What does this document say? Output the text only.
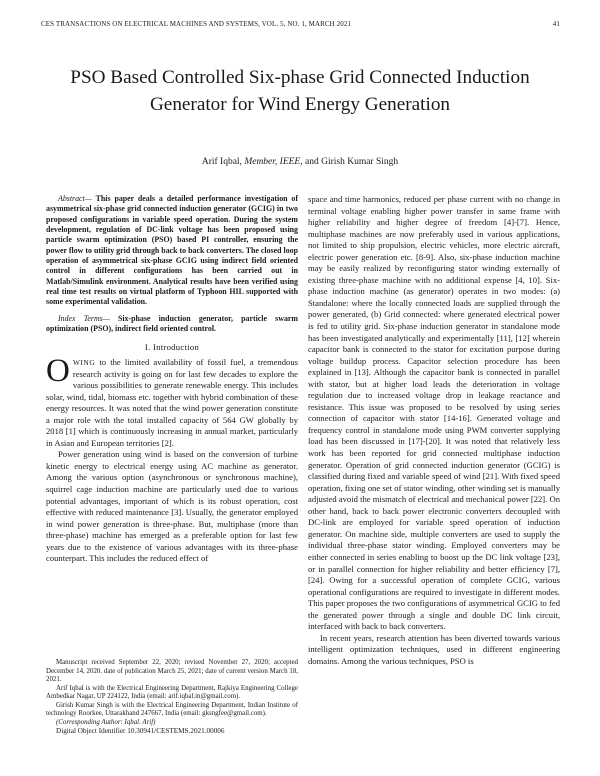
CES TRANSACTIONS ON ELECTRICAL MACHINES AND SYSTEMS, VOL. 5, NO. 1, MARCH 2021	41
PSO Based Controlled Six-phase Grid Connected Induction Generator for Wind Energy Generation
Arif Iqbal, Member, IEEE, and Girish Kumar Singh

Abstract— This paper deals a detailed performance investigation of asymmetrical six-phase grid connected induction generator (GCIG) in two proposed configurations in variable speed operation. During the system development, regulation of DC-link voltage has been proposed using particle swarm optimization (PSO) based PI controller, ensuring the power flow to utility grid through back to back converters. The closed loop operation of asymmetrical six-phase GCIG using indirect field oriented control in different configurations has been carried out in Matlab/Simulink environment. Analytical results have been verified using real time test results on virtual platform of Typhoon HIL supported with some experimental validation.

Index Terms— Six-phase induction generator, particle swarm optimization (PSO), indirect field oriented control.

I. Introduction

OWING to the limited availability of fossil fuel, a tremendous research activity is going on for last few decades to explore the various possibilities to generate renewable energy. This includes solar, wind, tidal, biomass etc. together with hybrid combination of these energy resources. It was noted that the wind power generation constitute a major role with the total installed capacity of 564 GW globally by 2018 [1] which is continuously increasing in annual market, particularly in Asian and European territories [2].

Power generation using wind is based on the conversion of turbine kinetic energy to electrical energy using AC machine as generator. Among the various option (asynchronous or synchronous machine), squirrel cage induction machine are particularly used due to various potential advantages, important of which is its robust operation, cost effective with reduced maintenance [3]. Usually, the generator employed in wind power generation is three-phase. But, multiphase (more than three-phase) machine has emerged as a preferable option for last few years due to the existence of various advantages with its three-phase counterpart. This includes the reduced effect of

space and time harmonics, reduced per phase current with no change in terminal voltage enabling higher power transfer in same frame with higher reliability and higher degree of freedom [4]-[7]. Hence, multiphase machines are now preferably used in various applications, not limited to ship propulsion, electric vehicles, more electric aircraft, electric power generation etc. [8-9]. Also, six-phase induction machine may be easily realized by reconfiguring stator winding externally of existing three-phase machine with no additional expense [4, 10]. Six-phase induction machine (as generator) operates in two modes: (a) Standalone: where the locally connected loads are supplied through the power generated, (b) Grid connected: where generated electrical power is fed to utility grid. Six-phase induction generator in standalone mode has been investigated analytically and experimentally [11], [12] wherein capacitor bank is connected to the stator for excitation purpose during voltage buildup process. Capacitor selection procedure has been explained in [13]. Although the capacitor bank is connected in parallel with stator, but at higher load leads the deterioration in voltage regulation due to increased voltage drop in leakage reactance and resistance. This issue was proposed to be resolved by using series connection of capacitor with stator [14-16]. Generated voltage and frequency control in standalone mode using PWM converter supplying load has been discussed in [17]-[20]. It was noted that relatively less work has been reported for grid connected multiphase induction generator. Operation of grid connected induction generator (GCIG) is classified during fixed and variable speed of wind [21]. With fixed speed operation, fixing one set of stator winding, other winding set is manually adjusted avoid the mismatch of electrical and mechanical power [22]. On other hand, back to back power electronic converters decoupled with DC-link are employed for variable speed operation of induction generator. On machine side, multiple converters are used to supply the individual three-phase stator winding. Employed converters may be either connected in series enabling to boost up the DC link voltage [23], or in parallel connection for higher reliability and better efficiency [7], [24]. Owing for a successful operation of complete GCIG, various operational configurations are required to investigate in different modes. This paper proposes the two configurations of asymmetrical GCIG to fed the generated power through a single and double DC link circuit, interfaced with back to back converters.

In recent years, research attention has been diverted towards various intelligent optimization techniques, used in different engineering domains. Among the various techniques, PSO is

Manuscript received September 22, 2020; revised November 27, 2020; accepted December 14, 2020. date of publication March 25, 2021; date of current version March 18, 2021.

Arif Iqbal is with the Electrical Engineering Department, Rajkiya Engineering College Ambedkar Nagar, UP 224122, India (email: arif.iqbal.in@gmail.com).

Girish Kumar Singh is with the Electrical Engineering Department, Indian Institute of technology Roorkee, Uttarakhand 247667, India (email: gksngfee@gmail.com).

(Corresponding Author: Iqbal. Arif)

Digital Object Identifier 10.30941/CESTEMS.2021.00006
